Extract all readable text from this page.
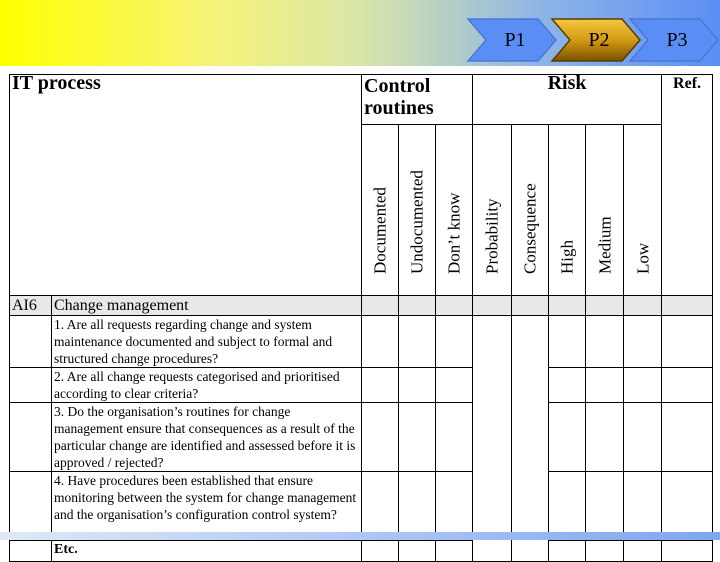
P1	P2	P3
IT process		Control routines			Risk					Ref.

		Documented	Undocumented	Don’t know	Probability	Consequence	High	Medium	Low	

AI6	Change management									
	1. Are all requests regarding change and system maintenance documented and subject to formal and structured change procedures?									
	2. Are all change requests categorised and prioritised according to clear criteria?									
	3. Do the organisation’s routines for change management ensure that consequences as a result of the particular change are identified and assessed before it is approved / rejected?									
	4. Have procedures been established that ensure monitoring between the system for change management and the organisation’s configuration control system?									
	Etc.									
